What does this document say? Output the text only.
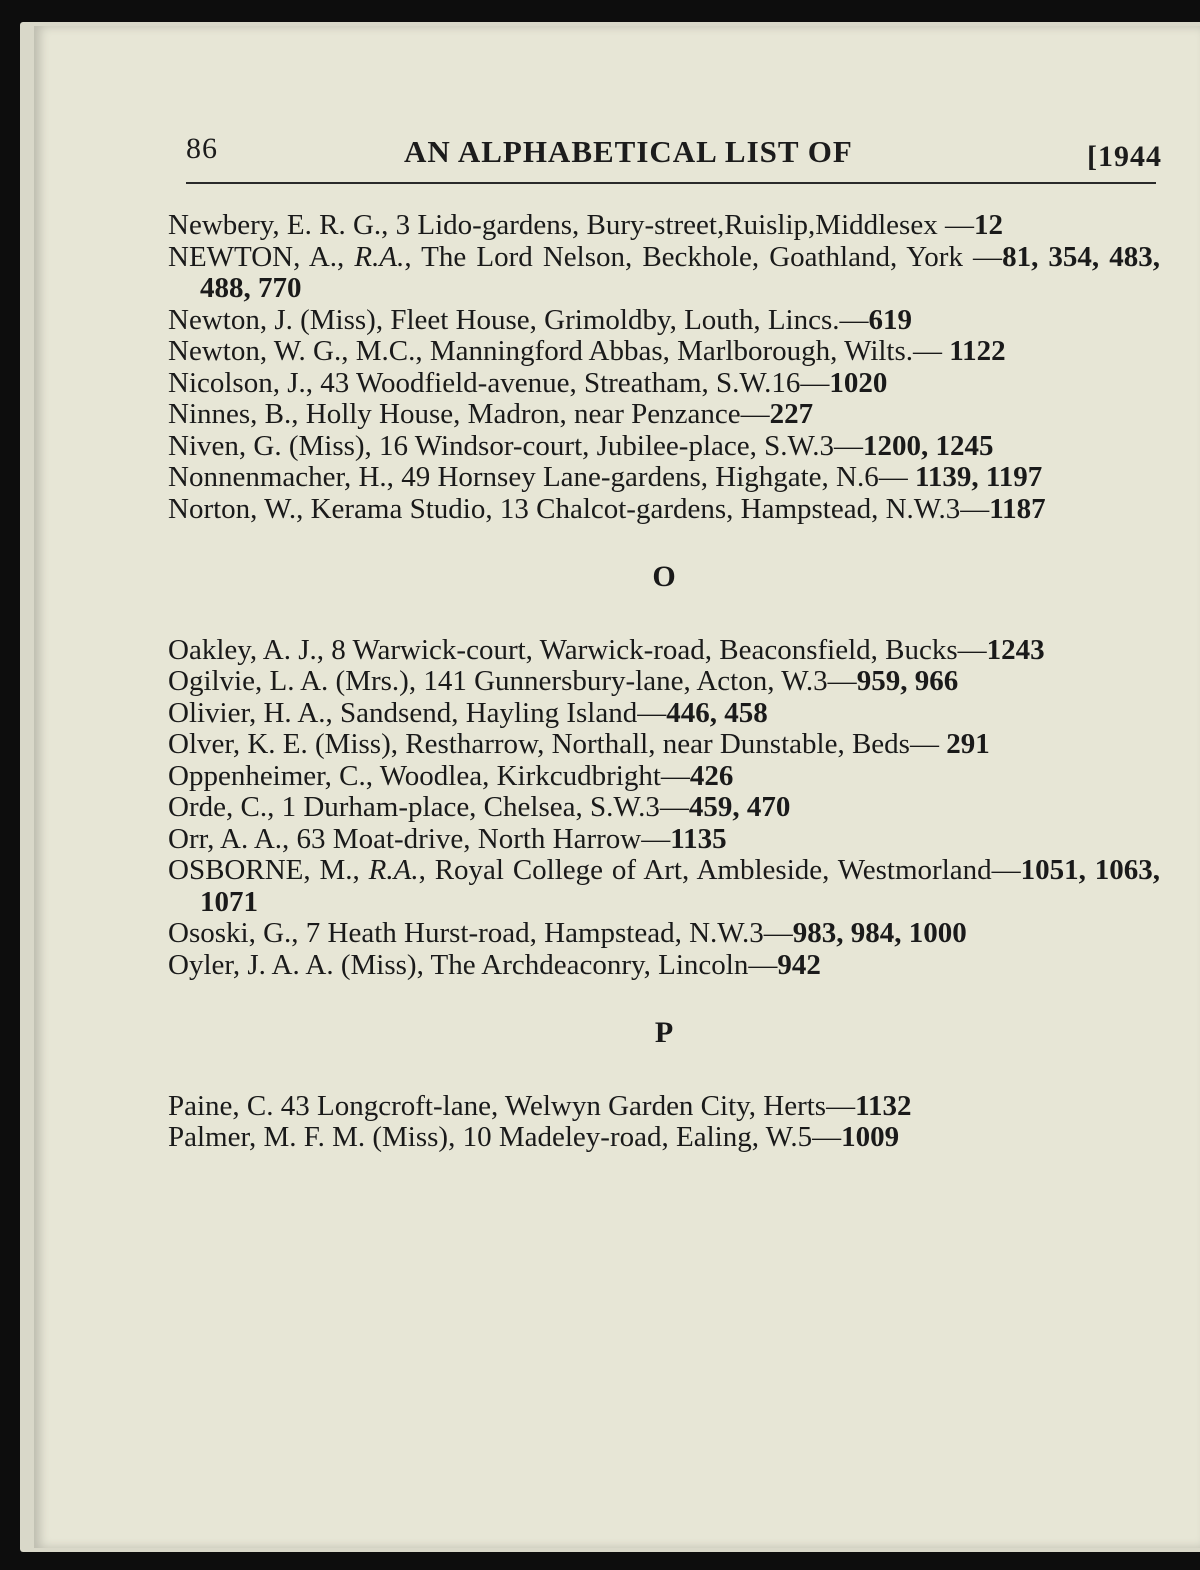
86	AN ALPHABETICAL LIST OF	[1944

Newbery, E. R. G., 3 Lido-gardens, Bury-street,Ruislip,Middlesex —12

NEWTON, A., R.A., The Lord Nelson, Beckhole, Goathland, York —81, 354, 483, 488, 770

Newton, J. (Miss), Fleet House, Grimoldby, Louth, Lincs.—619

Newton, W. G., M.C., Manningford Abbas, Marlborough, Wilts.— 1122

Nicolson, J., 43 Woodfield-avenue, Streatham, S.W.16—1020

Ninnes, B., Holly House, Madron, near Penzance—227

Niven, G. (Miss), 16 Windsor-court, Jubilee-place, S.W.3—1200, 1245

Nonnenmacher, H., 49 Hornsey Lane-gardens, Highgate, N.6— 1139, 1197

Norton, W., Kerama Studio, 13 Chalcot-gardens, Hampstead, N.W.3—1187

O

Oakley, A. J., 8 Warwick-court, Warwick-road, Beaconsfield, Bucks—1243

Ogilvie, L. A. (Mrs.), 141 Gunnersbury-lane, Acton, W.3—959, 966

Olivier, H. A., Sandsend, Hayling Island—446, 458

Olver, K. E. (Miss), Restharrow, Northall, near Dunstable, Beds— 291

Oppenheimer, C., Woodlea, Kirkcudbright—426

Orde, C., 1 Durham-place, Chelsea, S.W.3—459, 470

Orr, A. A., 63 Moat-drive, North Harrow—1135

OSBORNE, M., R.A., Royal College of Art, Ambleside, Westmorland—1051, 1063, 1071

Ososki, G., 7 Heath Hurst-road, Hampstead, N.W.3—983, 984, 1000

Oyler, J. A. A. (Miss), The Archdeaconry, Lincoln—942

P

Paine, C. 43 Longcroft-lane, Welwyn Garden City, Herts—1132

Palmer, M. F. M. (Miss), 10 Madeley-road, Ealing, W.5—1009
